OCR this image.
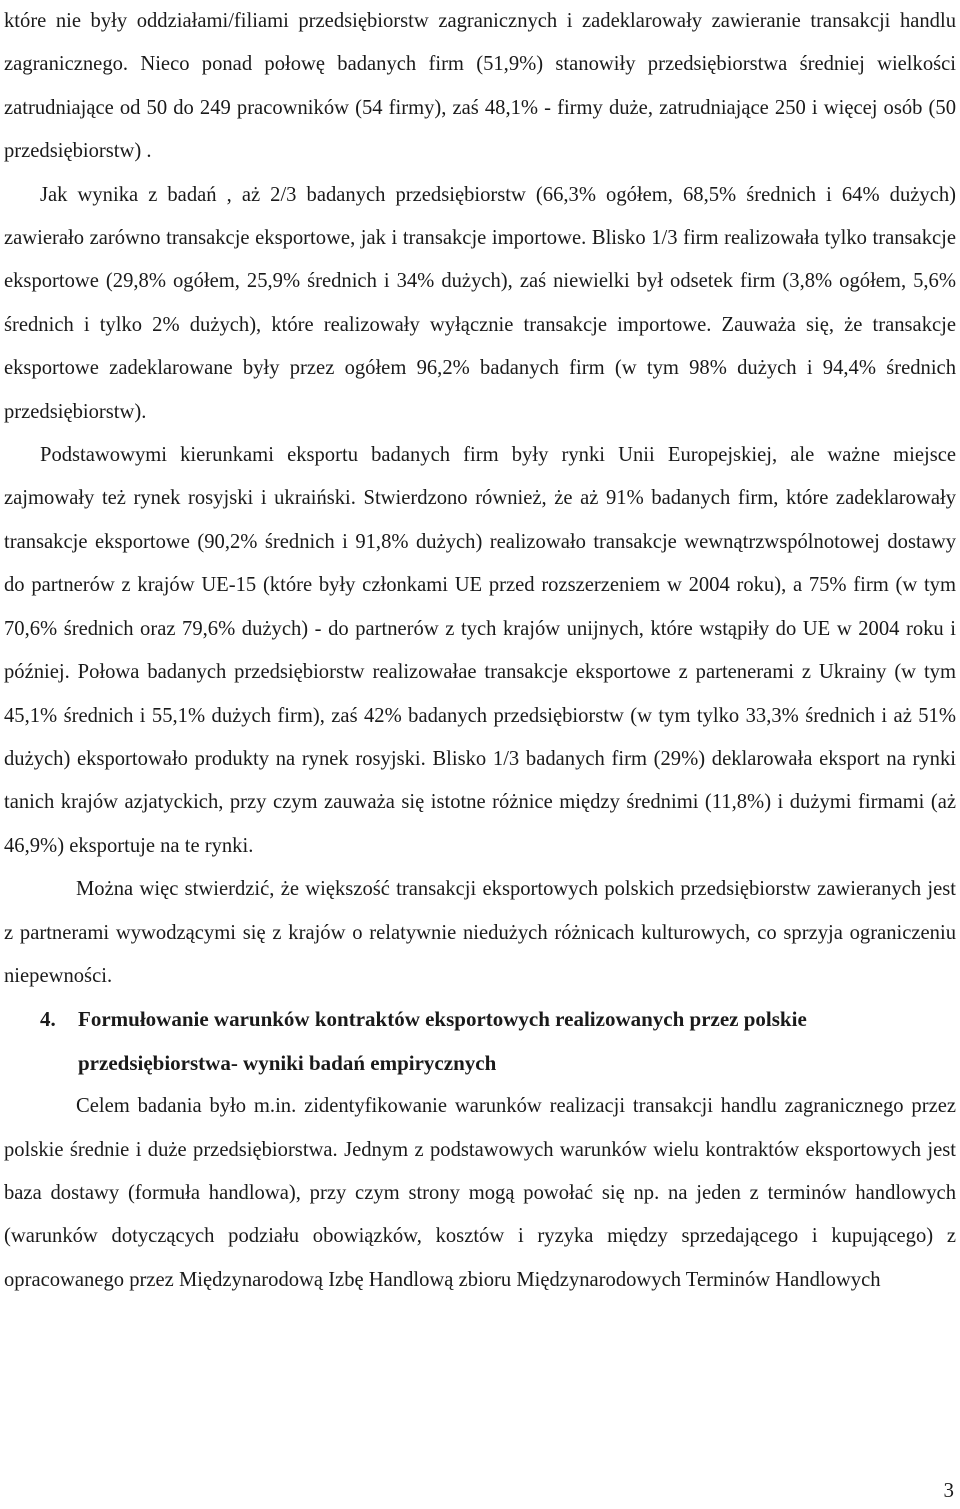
które nie były oddziałami/filiami przedsiębiorstw zagranicznych i zadeklarowały zawieranie transakcji handlu zagranicznego. Nieco ponad połowę badanych firm (51,9%) stanowiły przedsiębiorstwa średniej wielkości zatrudniające od 50 do 249 pracowników (54 firmy), zaś 48,1% - firmy duże, zatrudniające 250 i więcej osób (50 przedsiębiorstw) .

Jak wynika z badań , aż 2/3 badanych przedsiębiorstw (66,3% ogółem, 68,5% średnich i 64% dużych) zawierało zarówno transakcje eksportowe, jak i transakcje importowe. Blisko 1/3 firm realizowała tylko transakcje eksportowe (29,8% ogółem, 25,9% średnich i 34% dużych), zaś niewielki był odsetek firm (3,8% ogółem, 5,6% średnich i tylko 2% dużych), które realizowały wyłącznie transakcje importowe. Zauważa się, że transakcje eksportowe zadeklarowane były przez ogółem 96,2% badanych firm (w tym 98% dużych i 94,4% średnich przedsiębiorstw).

Podstawowymi kierunkami eksportu badanych firm były rynki Unii Europejskiej, ale ważne miejsce zajmowały też rynek rosyjski i ukraiński. Stwierdzono również, że aż 91% badanych firm, które zadeklarowały transakcje eksportowe (90,2% średnich i 91,8% dużych) realizowało transakcje wewnątrzwspólnotowej dostawy do partnerów z krajów UE-15 (które były członkami UE przed rozszerzeniem w 2004 roku), a 75% firm (w tym 70,6% średnich oraz 79,6% dużych) - do partnerów z tych krajów unijnych, które wstąpiły do UE w 2004 roku i później. Połowa badanych przedsiębiorstw realizowałae transakcje eksportowe z partenerami z Ukrainy (w tym 45,1% średnich i 55,1% dużych firm), zaś 42% badanych przedsiębiorstw (w tym tylko 33,3% średnich i aż 51% dużych) eksportowało produkty na rynek rosyjski. Blisko 1/3 badanych firm (29%) deklarowała eksport na rynki tanich krajów azjatyckich, przy czym zauważa się istotne różnice między średnimi (11,8%) i dużymi firmami (aż 46,9%) eksportuje na te rynki.

Można więc stwierdzić, że większość transakcji eksportowych polskich przedsiębiorstw zawieranych jest z partnerami wywodzącymi się z krajów o relatywnie niedużych różnicach kulturowych, co sprzyja ograniczeniu niepewności.

4.	Formułowanie warunków kontraktów eksportowych realizowanych przez polskie przedsiębiorstwa- wyniki badań empirycznych

Celem badania było m.in. zidentyfikowanie warunków realizacji transakcji handlu zagranicznego przez polskie średnie i duże przedsiębiorstwa. Jednym z podstawowych warunków wielu kontraktów eksportowych jest baza dostawy (formuła handlowa), przy czym strony mogą powołać się np. na jeden z terminów handlowych (warunków dotyczących podziału obowiązków, kosztów i ryzyka między sprzedającego i kupującego) z opracowanego przez Międzynarodową Izbę Handlową zbioru Międzynarodowych Terminów Handlowych

3
